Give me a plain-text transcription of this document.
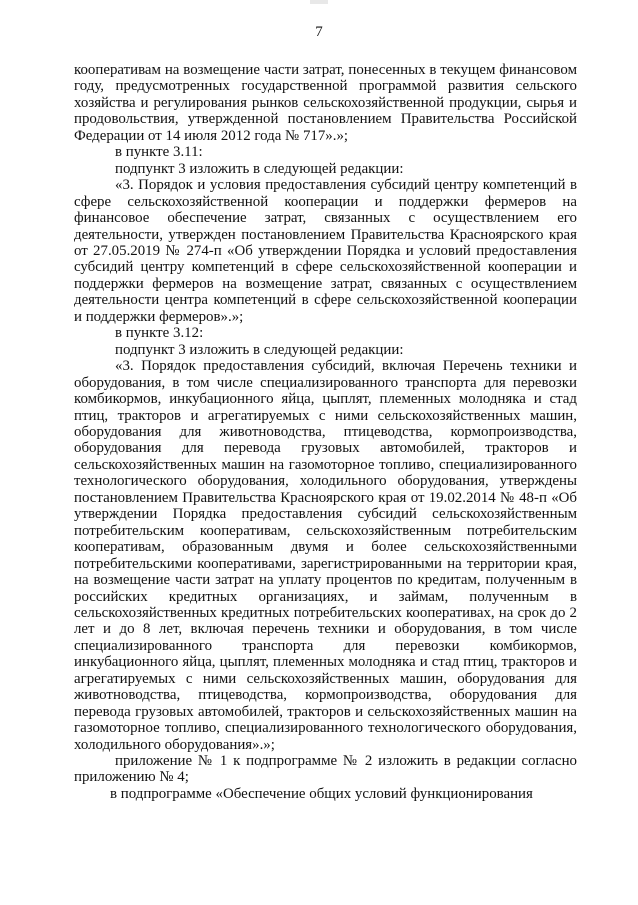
7
кооперативам на возмещение части затрат, понесенных в текущем финансовом году, предусмотренных государственной программой развития сельского хозяйства и регулирования рынков сельскохозяйственной продукции, сырья и продовольствия, утвержденной постановлением Правительства Российской Федерации от 14 июля 2012 года № 717».»;
в пункте 3.11:
подпункт 3 изложить в следующей редакции:
«3. Порядок и условия предоставления субсидий центру компетенций в сфере сельскохозяйственной кооперации и поддержки фермеров на финансовое обеспечение затрат, связанных с осуществлением его деятельности, утвержден постановлением Правительства Красноярского края от 27.05.2019 № 274-п «Об утверждении Порядка и условий предоставления субсидий центру компетенций в сфере сельскохозяйственной кооперации и поддержки фермеров на возмещение затрат, связанных с осуществлением деятельности центра компетенций в сфере сельскохозяйственной кооперации и поддержки фермеров».»;
в пункте 3.12:
подпункт 3 изложить в следующей редакции:
«3. Порядок предоставления субсидий, включая Перечень техники и оборудования, в том числе специализированного транспорта для перевозки комбикормов, инкубационного яйца, цыплят, племенных молодняка и стад птиц, тракторов и агрегатируемых с ними сельскохозяйственных машин, оборудования для животноводства, птицеводства, кормопроизводства, оборудования для перевода грузовых автомобилей, тракторов и сельскохозяйственных машин на газомоторное топливо, специализированного технологического оборудования, холодильного оборудования, утверждены постановлением Правительства Красноярского края от 19.02.2014 № 48-п «Об утверждении Порядка предоставления субсидий сельскохозяйственным потребительским кооперативам, сельскохозяйственным потребительским кооперативам, образованным двумя и более сельскохозяйственными потребительскими кооперативами, зарегистрированными на территории края, на возмещение части затрат на уплату процентов по кредитам, полученным в российских кредитных организациях, и займам, полученным в сельскохозяйственных кредитных потребительских кооперативах, на срок до 2 лет и до 8 лет, включая перечень техники и оборудования, в том числе специализированного транспорта для перевозки комбикормов, инкубационного яйца, цыплят, племенных молодняка и стад птиц, тракторов и агрегатируемых с ними сельскохозяйственных машин, оборудования для животноводства, птицеводства, кормопроизводства, оборудования для перевода грузовых автомобилей, тракторов и сельскохозяйственных машин на газомоторное топливо, специализированного технологического оборудования, холодильного оборудования».»;
приложение № 1 к подпрограмме № 2 изложить в редакции согласно приложению № 4;
в подпрограмме «Обеспечение общих условий функционирования
